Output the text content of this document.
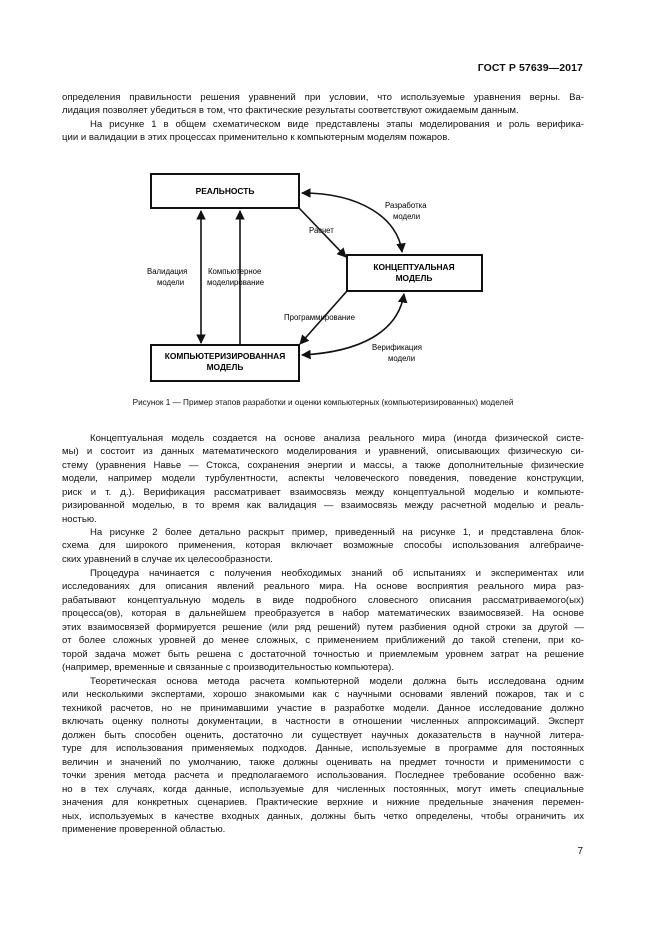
ГОСТ Р 57639—2017
определения правильности решения уравнений при условии, что используемые уравнения верны. Ва-
лидация позволяет убедиться в том, что фактические результаты соответствуют ожидаемым данным.
На рисунке 1 в общем схематическом виде представлены этапы моделирования и роль верифика-
ции и валидации в этих процессах применительно к компьютерным моделям пожаров.
РЕАЛЬНОСТЬ
КОНЦЕПТУАЛЬНАЯ
МОДЕЛЬ
КОМПЬЮТЕРИЗИРОВАННАЯ
МОДЕЛЬ
Разработка
модели
Расчет
Валидация
модели
Компьютерное
моделирование
Программирование
Верификация
модели
Рисунок 1 — Пример этапов разработки и оценки компьютерных (компьютеризированных) моделей
Концептуальная модель создается на основе анализа реального мира (иногда физической систе-
мы) и состоит из данных математического моделирования и уравнений, описывающих физическую си-
стему (уравнения Навье — Стокса, сохранения энергии и массы, а также дополнительные физические
модели, например модели турбулентности, аспекты человеческого поведения, поведение конструкции,
риск и т. д.). Верификация рассматривает взаимосвязь между концептуальной моделью и компьюте-
ризированной моделью, в то время как валидация — взаимосвязь между расчетной моделью и реаль-
ностью.
На рисунке 2 более детально раскрыт пример, приведенный на рисунке 1, и представлена блок-
схема для широкого применения, которая включает возможные способы использования алгебраиче-
ских уравнений в случае их целесообразности.
Процедура начинается с получения необходимых знаний об испытаниях и экспериментах или
исследованиях для описания явлений реального мира. На основе восприятия реального мира раз-
рабатывают концептуальную модель в виде подробного словесного описания рассматриваемого(ых)
процесса(ов), которая в дальнейшем преобразуется в набор математических взаимосвязей. На основе
этих взаимосвязей формируется решение (или ряд решений) путем разбиения одной строки за другой —
от более сложных уровней до менее сложных, с применением приближений до такой степени, при ко-
торой задача может быть решена с достаточной точностью и приемлемым уровнем затрат на решение
(например, временные и связанные с производительностью компьютера).
Теоретическая основа метода расчета компьютерной модели должна быть исследована одним
или несколькими экспертами, хорошо знакомыми как с научными основами явлений пожаров, так и с
техникой расчетов, но не принимавшими участие в разработке модели. Данное исследование должно
включать оценку полноты документации, в частности в отношении численных аппроксимаций. Эксперт
должен быть способен оценить, достаточно ли существует научных доказательств в научной литера-
туре для использования применяемых подходов. Данные, используемые в программе для постоянных
величин и значений по умолчанию, также должны оценивать на предмет точности и применимости с
точки зрения метода расчета и предполагаемого использования. Последнее требование особенно важ-
но в тех случаях, когда данные, используемые для численных постоянных, могут иметь специальные
значения для конкретных сценариев. Практические верхние и нижние предельные значения перемен-
ных, используемых в качестве входных данных, должны быть четко определены, чтобы ограничить их
применение проверенной областью.
7
